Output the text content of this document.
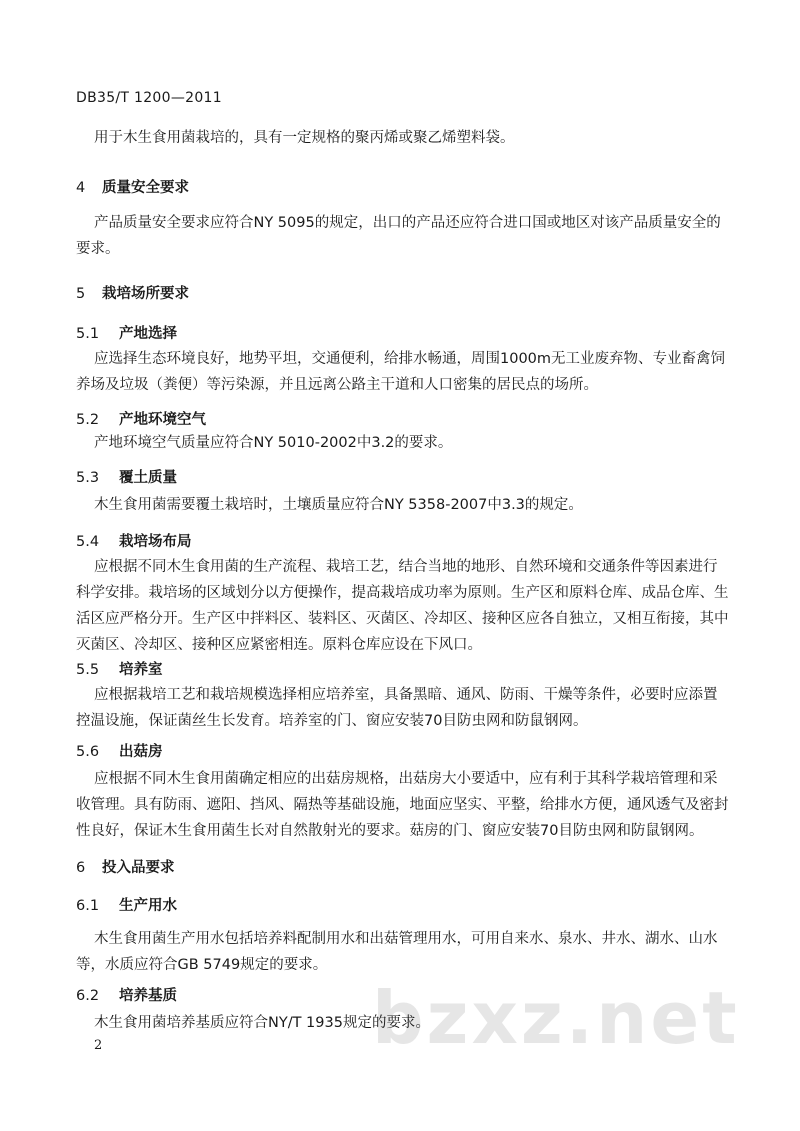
DB35/T 1200—2011
用于木生食用菌栽培的，具有一定规格的聚丙烯或聚乙烯塑料袋。
4 质量安全要求
产品质量安全要求应符合NY 5095的规定，出口的产品还应符合进口国或地区对该产品质量安全的
要求。
5 栽培场所要求
5.1 产地选择
应选择生态环境良好，地势平坦，交通便利，给排水畅通，周围1000m无工业废弃物、专业畜禽饲
养场及垃圾（粪便）等污染源，并且远离公路主干道和人口密集的居民点的场所。
5.2 产地环境空气
产地环境空气质量应符合NY 5010-2002中3.2的要求。
5.3 覆土质量
木生食用菌需要覆土栽培时，土壤质量应符合NY 5358-2007中3.3的规定。
5.4 栽培场布局
应根据不同木生食用菌的生产流程、栽培工艺，结合当地的地形、自然环境和交通条件等因素进行
科学安排。栽培场的区域划分以方便操作，提高栽培成功率为原则。生产区和原料仓库、成品仓库、生
活区应严格分开。生产区中拌料区、装料区、灭菌区、冷却区、接种区应各自独立，又相互衔接，其中
灭菌区、冷却区、接种区应紧密相连。原料仓库应设在下风口。
5.5 培养室
应根据栽培工艺和栽培规模选择相应培养室，具备黑暗、通风、防雨、干燥等条件，必要时应添置
控温设施，保证菌丝生长发育。培养室的门、窗应安装70目防虫网和防鼠钢网。
5.6 出菇房
应根据不同木生食用菌确定相应的出菇房规格，出菇房大小要适中，应有利于其科学栽培管理和采
收管理。具有防雨、遮阳、挡风、隔热等基础设施，地面应坚实、平整，给排水方便，通风透气及密封
性良好，保证木生食用菌生长对自然散射光的要求。菇房的门、窗应安装70目防虫网和防鼠钢网。
6 投入品要求
6.1 生产用水
木生食用菌生产用水包括培养料配制用水和出菇管理用水，可用自来水、泉水、井水、湖水、山水
等，水质应符合GB 5749规定的要求。
bzxz.net
6.2 培养基质
木生食用菌培养基质应符合NY/T 1935规定的要求。
2
